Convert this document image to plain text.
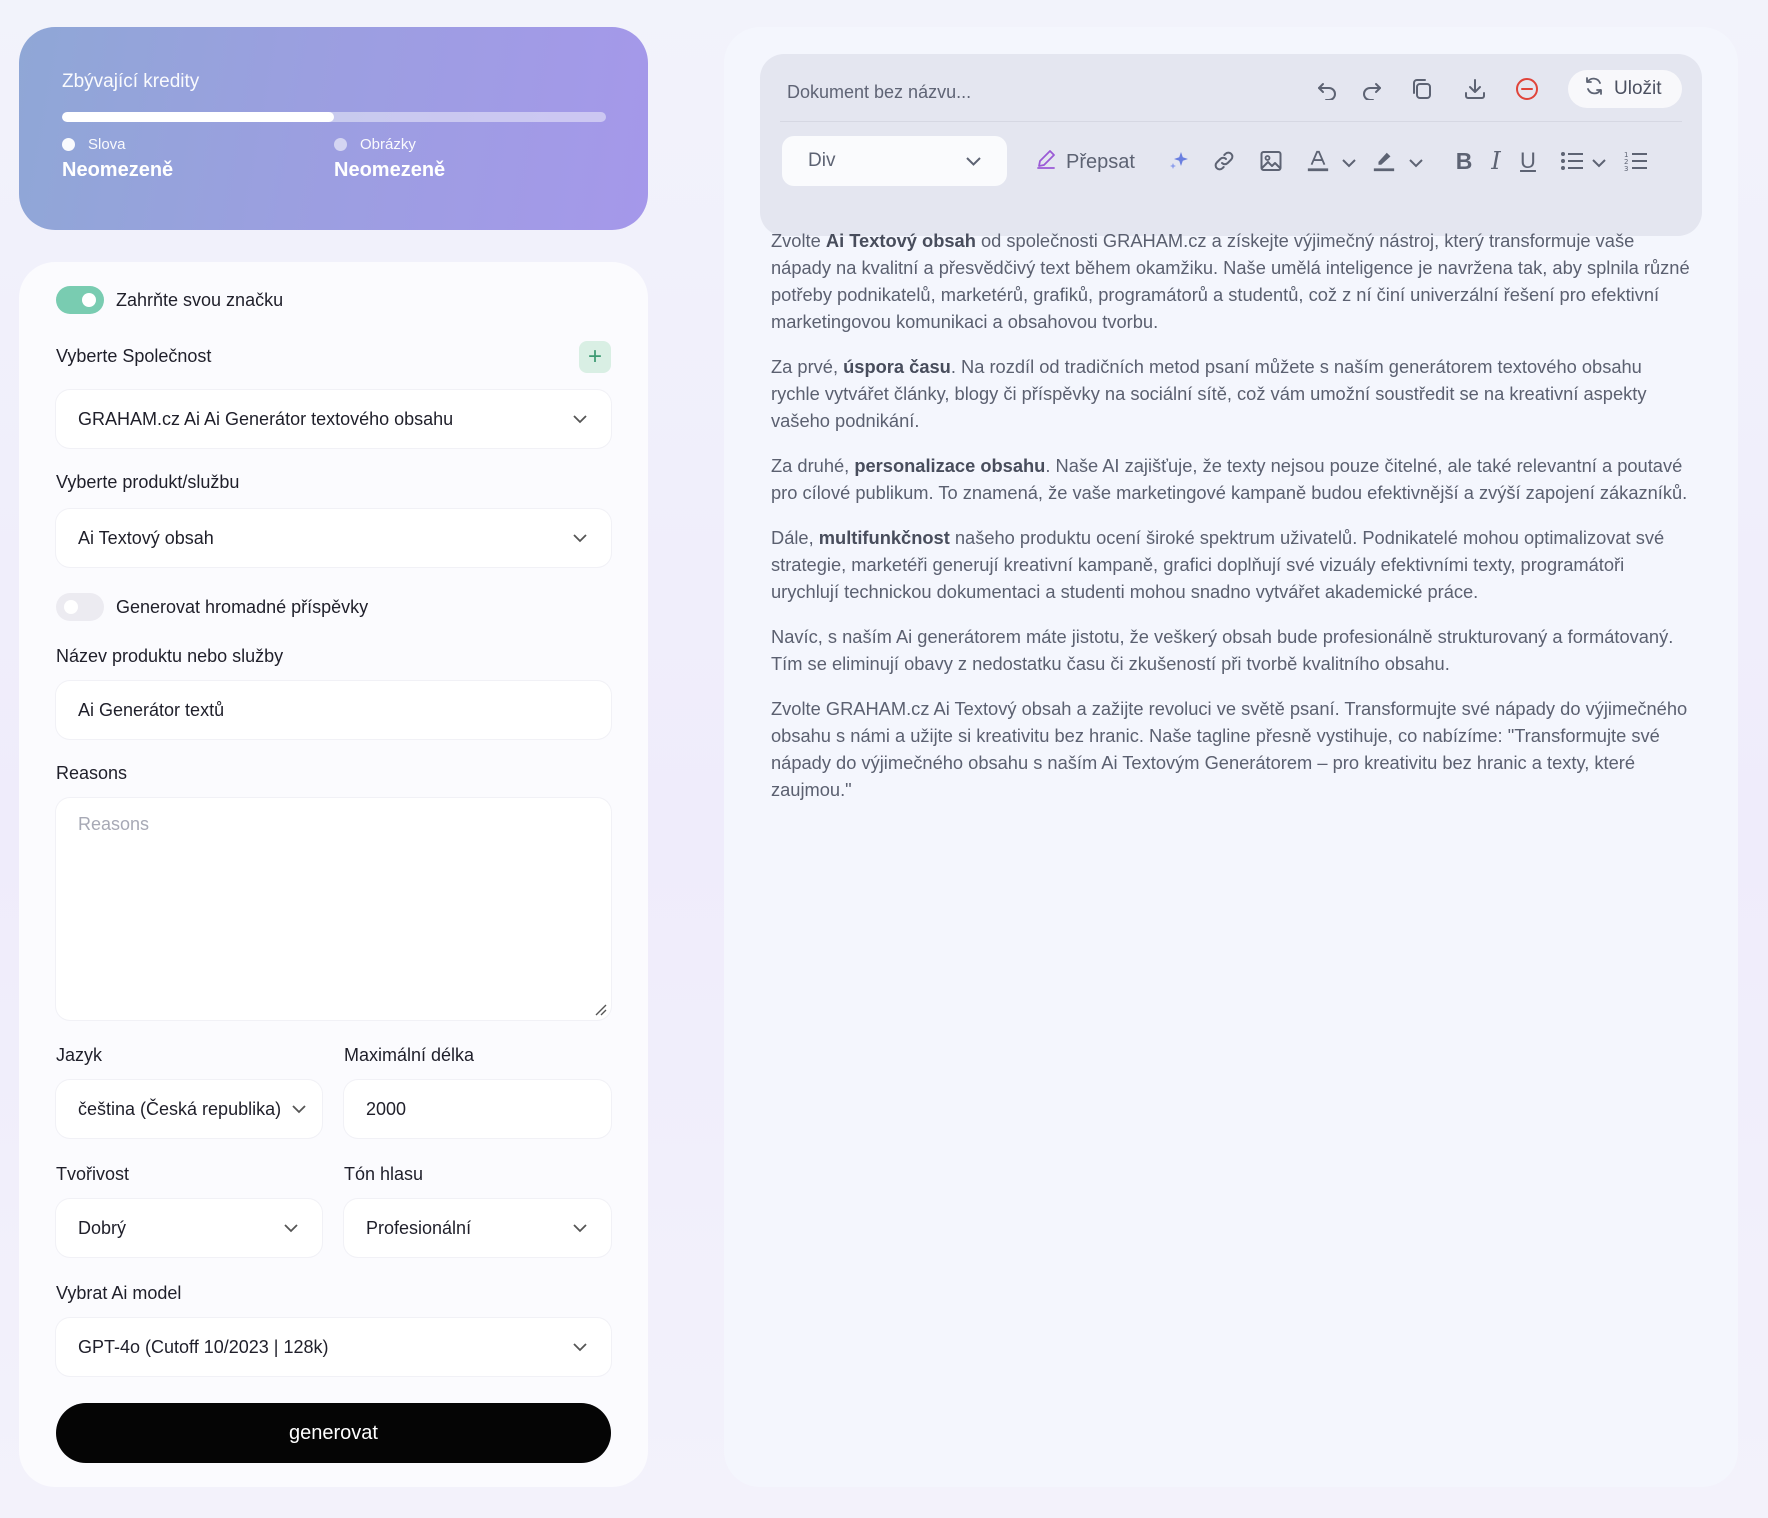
Zbývající kredity
Slova
Neomezeně
Obrázky
Neomezeně
Zahrňte svou značku
Vyberte Společnost	+
GRAHAM.cz Ai Ai Generátor textového obsahu
Vyberte produkt/službu
Ai Textový obsah
Generovat hromadné příspěvky
Název produktu nebo služby
Ai Generátor textů
Reasons
Reasons
Jazyk	Maximální délka
čeština (Česká republika)	2000
Tvořivost	Tón hlasu
Dobrý	Profesionální
Vybrat Ai model
GPT-4o (Cutoff 10/2023 | 128k)
generovat
Dokument bez názvu...	Uložit
Div	Přepsat	B I U	1
2
3

Zvolte Ai Textový obsah od společnosti GRAHAM.cz a získejte výjimečný nástroj, který transformuje vaše nápady na kvalitní a přesvědčivý text během okamžiku. Naše umělá inteligence je navržena tak, aby splnila různé potřeby podnikatelů, marketérů, grafiků, programátorů a studentů, což z ní činí univerzální řešení pro efektivní marketingovou komunikaci a obsahovou tvorbu.

Za prvé, úspora času. Na rozdíl od tradičních metod psaní můžete s naším generátorem textového obsahu rychle vytvářet články, blogy či příspěvky na sociální sítě, což vám umožní soustředit se na kreativní aspekty vašeho podnikání.

Za druhé, personalizace obsahu. Naše AI zajišťuje, že texty nejsou pouze čitelné, ale také relevantní a poutavé pro cílové publikum. To znamená, že vaše marketingové kampaně budou efektivnější a zvýší zapojení zákazníků.

Dále, multifunkčnost našeho produktu ocení široké spektrum uživatelů. Podnikatelé mohou optimalizovat své strategie, marketéři generují kreativní kampaně, grafici doplňují své vizuály efektivními texty, programátoři urychlují technickou dokumentaci a studenti mohou snadno vytvářet akademické práce.

Navíc, s naším Ai generátorem máte jistotu, že veškerý obsah bude profesionálně strukturovaný a formátovaný. Tím se eliminují obavy z nedostatku času či zkušeností při tvorbě kvalitního obsahu.

Zvolte GRAHAM.cz Ai Textový obsah a zažijte revoluci ve světě psaní. Transformujte své nápady do výjimečného obsahu s námi a užijte si kreativitu bez hranic. Naše tagline přesně vystihuje, co nabízíme: "Transformujte své nápady do výjimečného obsahu s naším Ai Textovým Generátorem – pro kreativitu bez hranic a texty, které zaujmou."
